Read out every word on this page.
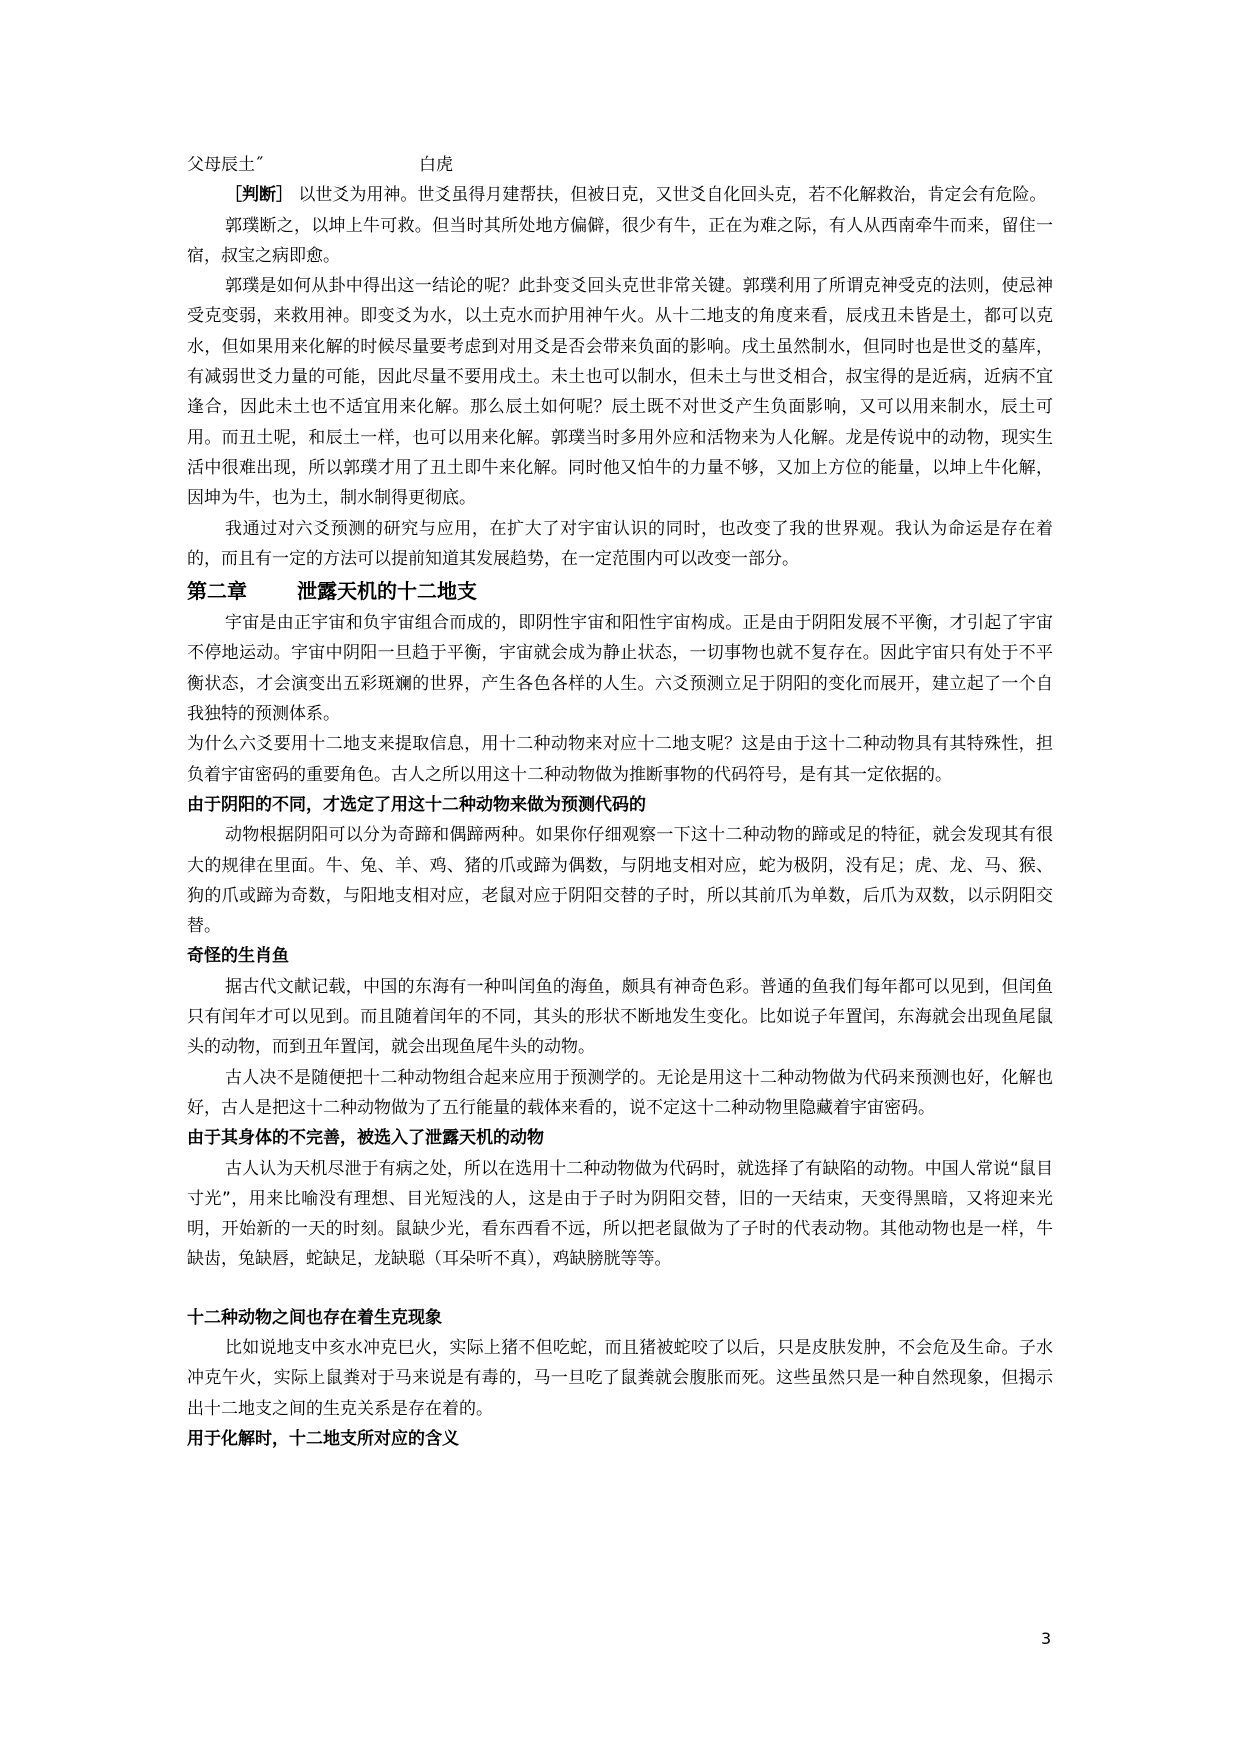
父母辰土˝	白虎

［判断］ 以世爻为用神。世爻虽得月建帮扶，但被日克，又世爻自化回头克，若不化解救治，肯定会有危险。

郭璞断之，以坤上牛可救。但当时其所处地方偏僻，很少有牛，正在为难之际，有人从西南牵牛而来，留住一宿，叔宝之病即愈。

郭璞是如何从卦中得出这一结论的呢？此卦变爻回头克世非常关键。郭璞利用了所谓克神受克的法则，使忌神受克变弱，来救用神。即变爻为水，以土克水而护用神午火。从十二地支的角度来看，辰戌丑未皆是土，都可以克水，但如果用来化解的时候尽量要考虑到对用爻是否会带来负面的影响。戌土虽然制水，但同时也是世爻的墓库，有减弱世爻力量的可能，因此尽量不要用戌土。未土也可以制水，但未土与世爻相合，叔宝得的是近病，近病不宜逢合，因此未土也不适宜用来化解。那么辰土如何呢？辰土既不对世爻产生负面影响，又可以用来制水，辰土可用。而丑土呢，和辰土一样，也可以用来化解。郭璞当时多用外应和活物来为人化解。龙是传说中的动物，现实生活中很难出现，所以郭璞才用了丑土即牛来化解。同时他又怕牛的力量不够，又加上方位的能量，以坤上牛化解，因坤为牛，也为土，制水制得更彻底。

我通过对六爻预测的研究与应用，在扩大了对宇宙认识的同时，也改变了我的世界观。我认为命运是存在着的，而且有一定的方法可以提前知道其发展趋势，在一定范围内可以改变一部分。

第二章	泄露天机的十二地支

宇宙是由正宇宙和负宇宙组合而成的，即阴性宇宙和阳性宇宙构成。正是由于阴阳发展不平衡，才引起了宇宙不停地运动。宇宙中阴阳一旦趋于平衡，宇宙就会成为静止状态，一切事物也就不复存在。因此宇宙只有处于不平衡状态，才会演变出五彩斑斓的世界，产生各色各样的人生。六爻预测立足于阴阳的变化而展开，建立起了一个自我独特的预测体系。

为什么六爻要用十二地支来提取信息，用十二种动物来对应十二地支呢？这是由于这十二种动物具有其特殊性，担负着宇宙密码的重要角色。古人之所以用这十二种动物做为推断事物的代码符号，是有其一定依据的。

由于阴阳的不同，才选定了用这十二种动物来做为预测代码的

动物根据阴阳可以分为奇蹄和偶蹄两种。如果你仔细观察一下这十二种动物的蹄或足的特征，就会发现其有很大的规律在里面。牛、兔、羊、鸡、猪的爪或蹄为偶数，与阴地支相对应，蛇为极阴，没有足；虎、龙、马、猴、狗的爪或蹄为奇数，与阳地支相对应，老鼠对应于阴阳交替的子时，所以其前爪为单数，后爪为双数，以示阴阳交替。

奇怪的生肖鱼

据古代文献记载，中国的东海有一种叫闰鱼的海鱼，颇具有神奇色彩。普通的鱼我们每年都可以见到，但闰鱼只有闰年才可以见到。而且随着闰年的不同，其头的形状不断地发生变化。比如说子年置闰，东海就会出现鱼尾鼠头的动物，而到丑年置闰，就会出现鱼尾牛头的动物。

古人决不是随便把十二种动物组合起来应用于预测学的。无论是用这十二种动物做为代码来预测也好，化解也好，古人是把这十二种动物做为了五行能量的载体来看的，说不定这十二种动物里隐藏着宇宙密码。

由于其身体的不完善，被选入了泄露天机的动物

古人认为天机尽泄于有病之处，所以在选用十二种动物做为代码时，就选择了有缺陷的动物。中国人常说“鼠目寸光”，用来比喻没有理想、目光短浅的人，这是由于子时为阴阳交替，旧的一天结束，天变得黑暗，又将迎来光明，开始新的一天的时刻。鼠缺少光，看东西看不远，所以把老鼠做为了子时的代表动物。其他动物也是一样，牛缺齿，兔缺唇，蛇缺足，龙缺聪（耳朵听不真），鸡缺膀胱等等。

十二种动物之间也存在着生克现象

比如说地支中亥水冲克巳火，实际上猪不但吃蛇，而且猪被蛇咬了以后，只是皮肤发肿，不会危及生命。子水冲克午火，实际上鼠粪对于马来说是有毒的，马一旦吃了鼠粪就会腹胀而死。这些虽然只是一种自然现象，但揭示出十二地支之间的生克关系是存在着的。

用于化解时，十二地支所对应的含义
3
